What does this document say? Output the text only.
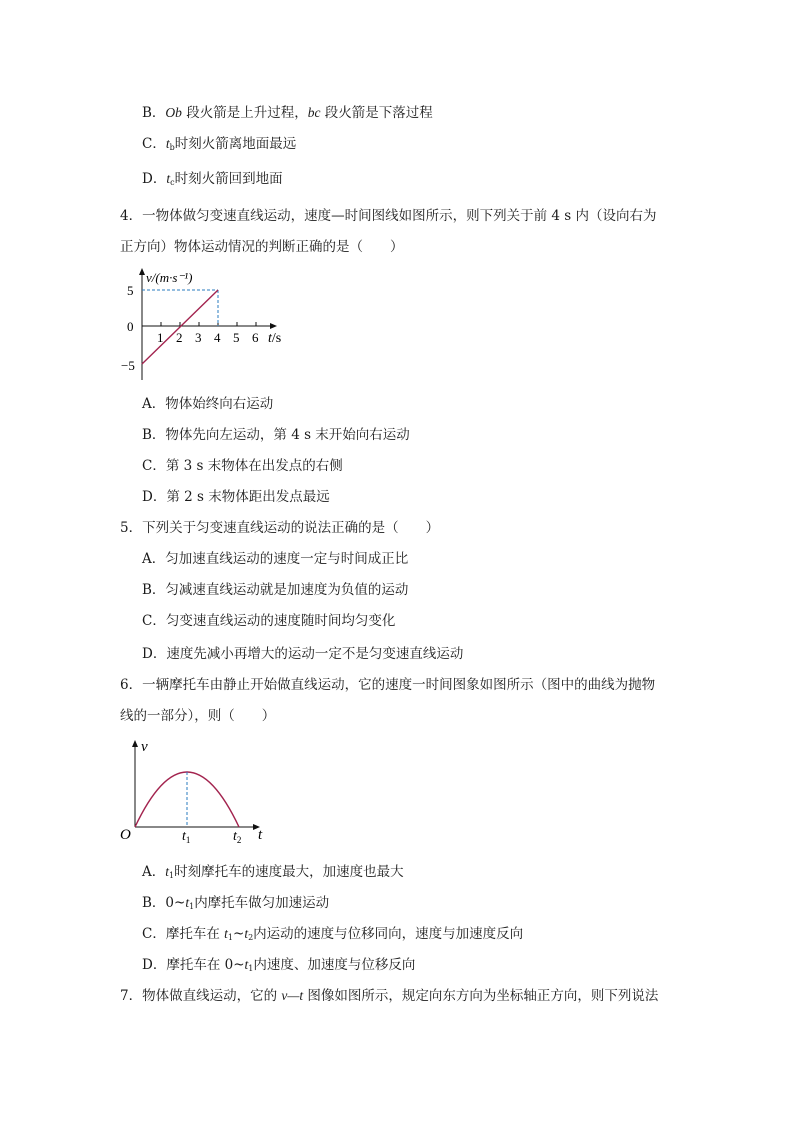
B．Ob 段火箭是上升过程，bc 段火箭是下落过程
C．$t_b$时刻火箭离地面最远
D．$t_c$时刻火箭回到地面
4．一物体做匀变速直线运动，速度—时间图线如图所示，则下列关于前 4 s 内（设向右为
正方向）物体运动情况的判断正确的是（　　）
v/(m·s⁻¹)
5
0
−5
1 2 3 4 5 6 t/s
A．物体始终向右运动
B．物体先向左运动，第 4 s 末开始向右运动
C．第 3 s 末物体在出发点的右侧
D．第 2 s 末物体距出发点最远
5．下列关于匀变速直线运动的说法正确的是（　　）
A．匀加速直线运动的速度一定与时间成正比
B．匀减速直线运动就是加速度为负值的运动
C．匀变速直线运动的速度随时间均匀变化
D．速度先减小再增大的运动一定不是匀变速直线运动
6．一辆摩托车由静止开始做直线运动，它的速度一时间图象如图所示（图中的曲线为抛物
线的一部分），则（　　）
v
O	$t_1$	$t_2$ t
A．$t_1$时刻摩托车的速度最大，加速度也最大
B．$0\sim t_1$内摩托车做匀加速运动
C．摩托车在 $t_1\sim t_2$内运动的速度与位移同向，速度与加速度反向
D．摩托车在 $0\sim t_1$内速度、加速度与位移反向
7．物体做直线运动，它的 v—t 图像如图所示，规定向东方向为坐标轴正方向，则下列说法
